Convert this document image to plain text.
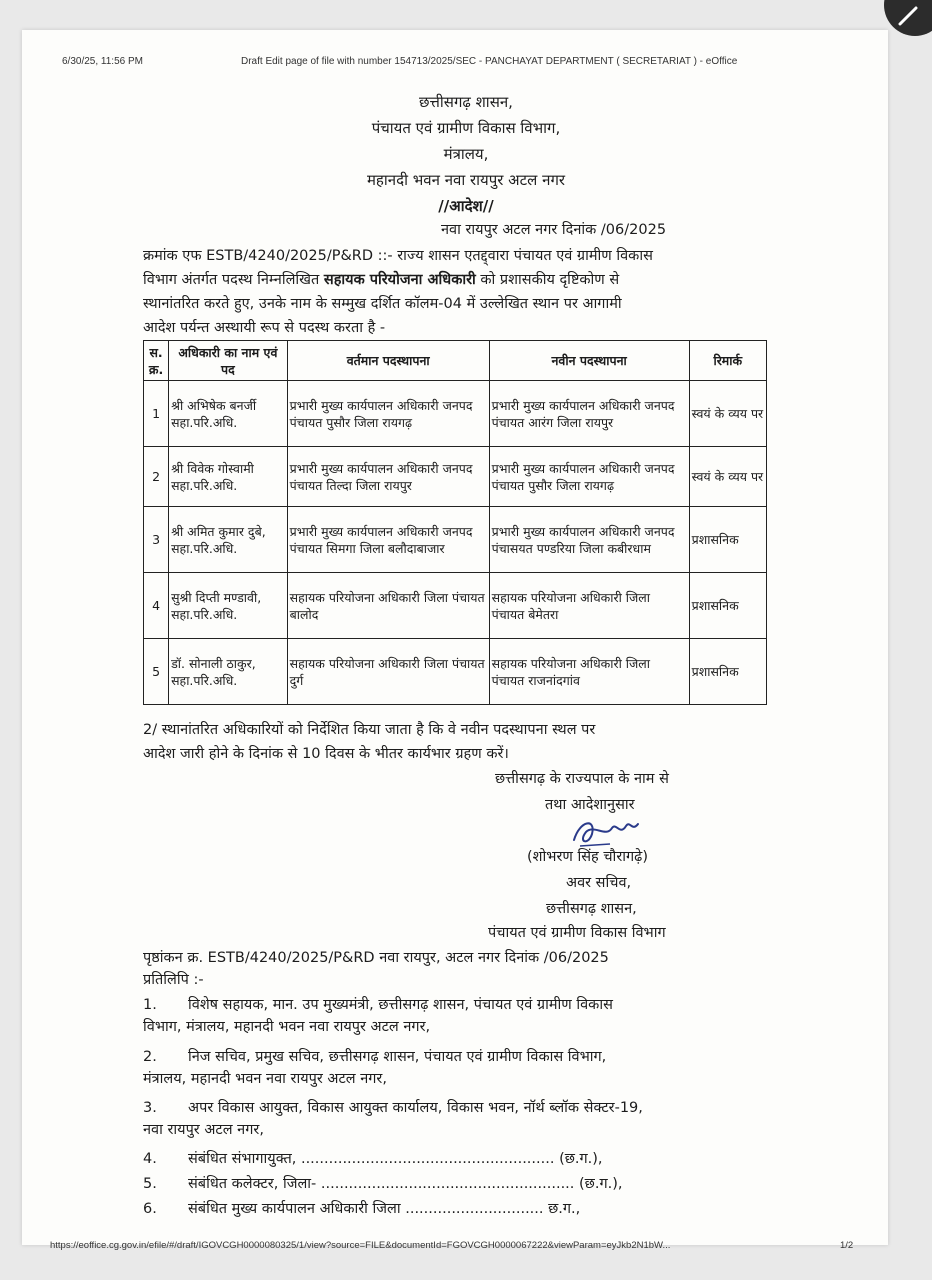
6/30/25, 11:56 PM	Draft Edit page of file with number 154713/2025/SEC - PANCHAYAT DEPARTMENT ( SECRETARIAT ) - eOffice
छत्तीसगढ़ शासन,
पंचायत एवं ग्रामीण विकास विभाग,
मंत्रालय,
महानदी भवन नवा रायपुर अटल नगर
//आदेश//
नवा रायपुर अटल नगर दिनांक /06/2025
क्रमांक एफ ESTB/4240/2025/P&RD ::- राज्य शासन एतद्द्वारा पंचायत एवं ग्रामीण विकास
विभाग अंतर्गत पदस्थ निम्नलिखित सहायक परियोजना अधिकारी को प्रशासकीय दृष्टिकोण से
स्थानांतरित करते हुए, उनके नाम के सम्मुख दर्शित कॉलम-04 में उल्लेखित स्थान पर आगामी
आदेश पर्यन्त अस्थायी रूप से पदस्थ करता है -
स. क्र.	अधिकारी का नाम एवं पद	वर्तमान पदस्थापना	नवीन पदस्थापना	रिमार्क
1	श्री अभिषेक बनर्जी सहा.परि.अधि.	प्रभारी मुख्य कार्यपालन अधिकारी जनपद पंचायत पुसौर जिला रायगढ़	प्रभारी मुख्य कार्यपालन अधिकारी जनपद पंचायत आरंग जिला रायपुर	स्वयं के व्यय पर
2	श्री विवेक गोस्वामी सहा.परि.अधि.	प्रभारी मुख्य कार्यपालन अधिकारी जनपद पंचायत तिल्दा जिला रायपुर	प्रभारी मुख्य कार्यपालन अधिकारी जनपद पंचायत पुसौर जिला रायगढ़	स्वयं के व्यय पर
3	श्री अमित कुमार दुबे, सहा.परि.अधि.	प्रभारी मुख्य कार्यपालन अधिकारी जनपद पंचायत सिमगा जिला बलौदाबाजार	प्रभारी मुख्य कार्यपालन अधिकारी जनपद पंचासयत पण्डरिया जिला कबीरधाम	प्रशासनिक
4	सुश्री दिप्ती मण्डावी, सहा.परि.अधि.	सहायक परियोजना अधिकारी जिला पंचायत बालोद	सहायक परियोजना अधिकारी जिला पंचायत बेमेतरा	प्रशासनिक
5	डॉ. सोनाली ठाकुर, सहा.परि.अधि.	सहायक परियोजना अधिकारी जिला पंचायत दुर्ग	सहायक परियोजना अधिकारी जिला पंचायत राजनांदगांव	प्रशासनिक
2/ स्थानांतरित अधिकारियों को निर्देशित किया जाता है कि वे नवीन पदस्थापना स्थल पर
आदेश जारी होने के दिनांक से 10 दिवस के भीतर कार्यभार ग्रहण करें।
छत्तीसगढ़ के राज्यपाल के नाम से
तथा आदेशानुसार
(शोभरण सिंह चौरागढ़े)
अवर सचिव,
छत्तीसगढ़ शासन,
पंचायत एवं ग्रामीण विकास विभाग
पृष्ठांकन क्र. ESTB/4240/2025/P&RD नवा रायपुर, अटल नगर दिनांक /06/2025
प्रतिलिपि :-
1. विशेष सहायक, मान. उप मुख्यमंत्री, छत्तीसगढ़ शासन, पंचायत एवं ग्रामीण विकास
विभाग, मंत्रालय, महानदी भवन नवा रायपुर अटल नगर,
2. निज सचिव, प्रमुख सचिव, छत्तीसगढ़ शासन, पंचायत एवं ग्रामीण विकास विभाग,
मंत्रालय, महानदी भवन नवा रायपुर अटल नगर,
3. अपर विकास आयुक्त, विकास आयुक्त कार्यालय, विकास भवन, नॉर्थ ब्लॉक सेक्टर-19,
नवा रायपुर अटल नगर,
4. संबंधित संभागायुक्त, ....................................................... (छ.ग.),
5. संबंधित कलेक्टर, जिला- ....................................................... (छ.ग.),
6. संबंधित मुख्य कार्यपालन अधिकारी जिला .............................. छ.ग.,
https://eoffice.cg.gov.in/efile/#/draft/IGOVCGH0000080325/1/view?source=FILE&documentId=FGOVCGH0000067222&viewParam=eyJkb2N1bW...	1/2
